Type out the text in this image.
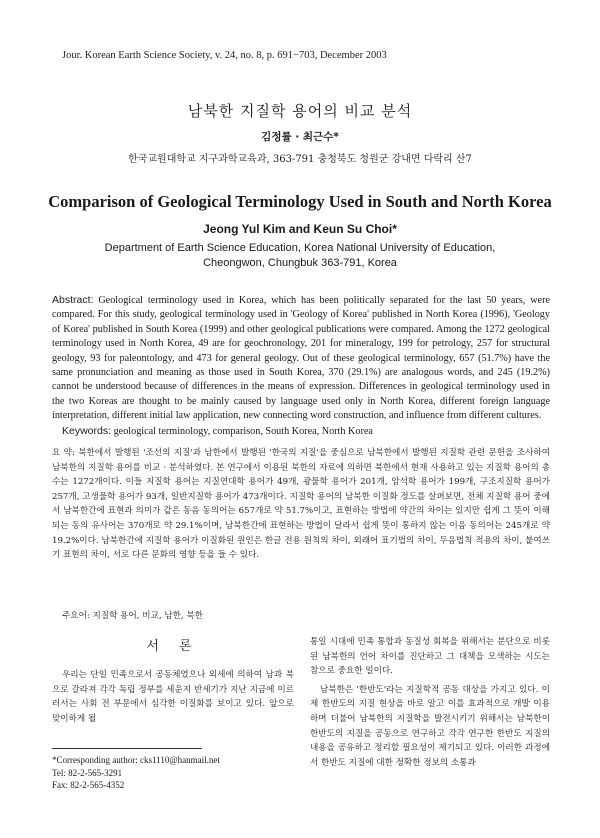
Jour. Korean Earth Science Society, v. 24, no. 8, p. 691−703, December 2003
남북한 지질학 용어의 비교 분석
김정률 · 최근수*
한국교원대학교 지구과학교육과, 363-791 충청북도 청원군 강내면 다락리 산7
Comparison of Geological Terminology Used in South and North Korea
Jeong Yul Kim and Keun Su Choi*
Department of Earth Science Education, Korea National University of Education,
Cheongwon, Chungbuk 363-791, Korea
Abstract: Geological terminology used in Korea, which has been politically separated for the last 50 years, were compared. For this study, geological terminology used in 'Geology of Korea' published in North Korea (1996), 'Geology of Korea' published in South Korea (1999) and other geological publications were compared. Among the 1272 geological terminology used in North Korea, 49 are for geochronology, 201 for mineralogy, 199 for petrology, 257 for structural geology, 93 for paleontology, and 473 for general geology. Out of these geological terminology, 657 (51.7%) have the same pronunciation and meaning as those used in South Korea, 370 (29.1%) are analogous words, and 245 (19.2%) cannot be understood because of differences in the means of expression. Differences in geological terminology used in the two Koreas are thought to be mainly caused by language used only in North Korea, different foreign language interpretation, different initial law application, new connecting word construction, and influence from different cultures.
Keywords: geological terminology, comparison, South Korea, North Korea
요 약: 북한에서 발행된 '조선의 지질'과 남한에서 발행된 '한국의 지질'을 중심으로 남북한에서 발행된 지질학 관련 문헌을 조사하여 남북한의 지질학 용어를 비교 · 분석하였다. 본 연구에서 이용된 북한의 자료에 의하면 북한에서 현재 사용하고 있는 지질학 용어의 총 수는 1272개이다. 이들 지질학 용어는 지질연대학 용어가 49개, 광물학 용어가 201개, 암석학 용어가 199개, 구조지질학 용어가 257개, 고생물학 용어가 93개, 일반지질학 용어가 473개이다. 지질학 용어의 남북한 이질화 정도를 살펴보면, 전체 지질학 용어 중에서 남북한간에 표현과 의미가 같은 동음 동의어는 657개로 약 51.7%이고, 표현하는 방법에 약간의 차이는 있지만 쉽게 그 뜻이 이해되는 동의 유사어는 370개로 약 29.1%이며, 남북한간에 표현하는 방법이 달라서 쉽게 뜻이 통하지 않는 이음 동의어는 245개로 약 19.2%이다. 남북한간에 지질학 용어가 이질화된 원인은 한글 전용 원칙의 차이, 외래어 표기법의 차이, 두음법칙 적용의 차이, 붙여쓰기 표현의 차이, 서로 다른 문화의 영향 등을 들 수 있다.
주요어: 지질학 용어, 비교, 남한, 북한
서 론
우리는 단일 민족으로서 공동체였으나 외세에 의하여 남과 북으로 갈라져 각각 독립 정부를 세운지 반세기가 지난 지금에 이르러서는 사회 전 부문에서 심각한 이질화를 보이고 있다. 앞으로 맞이하게 될
*Corresponding author: cks1110@hanmail.net
Tel: 82-2-565-3291
Fax: 82-2-565-4352

통일 시대에 민족 통합과 동질성 회복을 위해서는 분단으로 비롯된 남북한의 언어 차이를 진단하고 그 대책을 모색하는 시도는 참으로 중요한 일이다.

남북한은 '한반도'라는 지질학적 공동 대상을 가지고 있다. 이제 한반도의 지질 현상을 바로 알고 이를 효과적으로 개발 이용하며 더불어 남북한의 지질학을 발전시키기 위해서는 남북한이 한반도의 지질을 공동으로 연구하고 각각 연구한 한반도 지질의 내용을 공유하고 정리할 필요성이 제기되고 있다. 이러한 과정에서 한반도 지질에 대한 정확한 정보의 소통과
